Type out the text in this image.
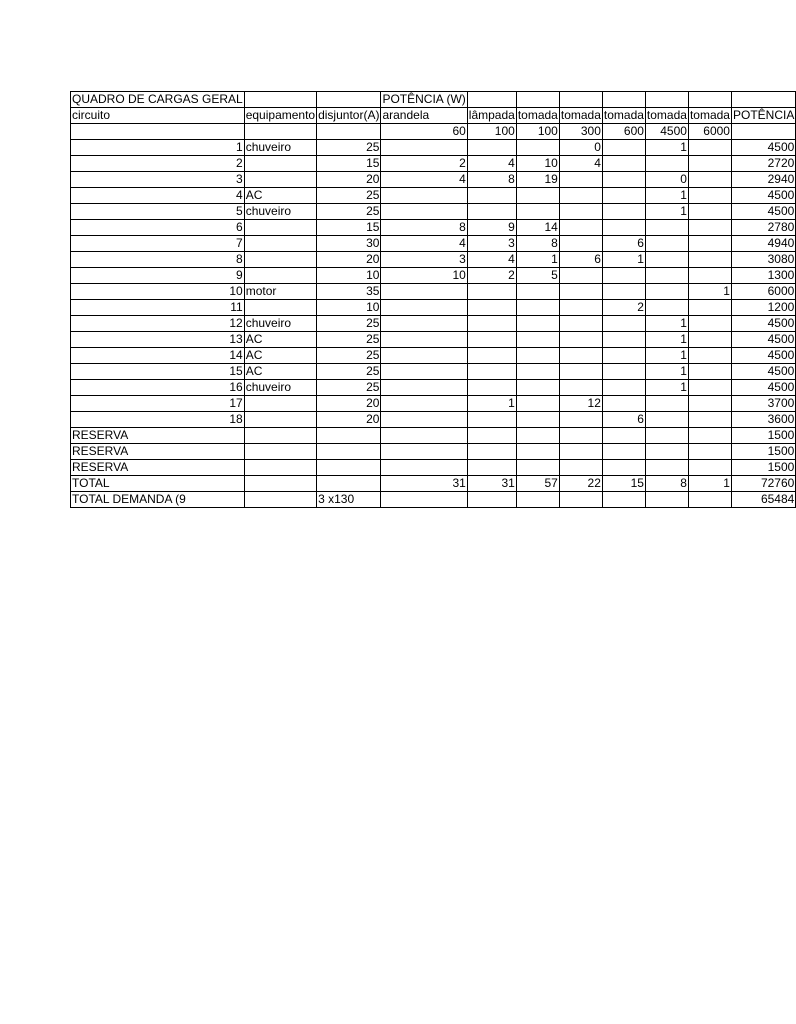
QUADRO DE CARGAS GERAL			POTÊNCIA (W)							
circuito	equipamento	disjuntor(A)	arandela	lâmpada	tomada	tomada	tomada	tomada	tomada	POTÊNCIA
			60	100	100	300	600	4500	6000	
1	chuveiro	25				0		1		4500
2		15	2	4	10	4				2720
3		20	4	8	19			0		2940
4	AC	25						1		4500
5	chuveiro	25						1		4500
6		15	8	9	14					2780
7		30	4	3	8		6			4940
8		20	3	4	1	6	1			3080
9		10	10	2	5					1300
10	motor	35							1	6000
11		10					2			1200
12	chuveiro	25						1		4500
13	AC	25						1		4500
14	AC	25						1		4500
15	AC	25						1		4500
16	chuveiro	25						1		4500
17		20		1		12				3700
18		20					6			3600
RESERVA										1500
RESERVA										1500
RESERVA										1500
TOTAL			31	31	57	22	15	8	1	72760
TOTAL DEMANDA (9		3 x130								65484
